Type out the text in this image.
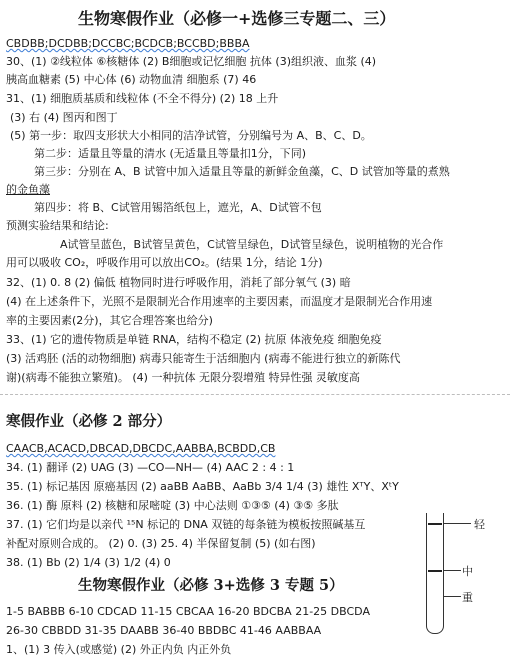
生物寒假作业（必修一+选修三专题二、三）
CBDBB;DCDBB;DCCBC;BCDCB;BCCBD;BBBA
30、(1) ②线粒体 ⑥核糖体 (2) B细胞或记忆细胞 抗体 (3)组织液、血浆 (4)
胰高血糖素 (5) 中心体 (6) 动物血清 细胞系 (7) 46
31、(1) 细胞质基质和线粒体 (不全不得分) (2) 18 上升
(3) 右 (4) 图丙和图丁
(5) 第一步：取四支形状大小相同的洁净试管，分别编号为 A、B、C、D。
第二步：适量且等量的清水 (无适量且等量扣1分，下同)
第三步：分别在 A、B 试管中加入适量且等量的新鲜金鱼藻，C、D 试管加等量的煮熟
的金鱼藻
第四步：将 B、C试管用锡箔纸包上，遮光，A、D试管不包
预测实验结果和结论:
A试管呈蓝色，B试管呈黄色，C试管呈绿色，D试管呈绿色，说明植物的光合作
用可以吸收 CO₂，呼吸作用可以放出CO₂。(结果 1分，结论 1分)
32、(1) 0. 8 (2) 偏低 植物同时进行呼吸作用，消耗了部分氧气 (3) 暗
(4) 在上述条件下，光照不是限制光合作用速率的主要因素，而温度才是限制光合作用速
率的主要因素(2分)，其它合理答案也给分)
33、(1) 它的遗传物质是单链 RNA，结构不稳定 (2) 抗原 体液免疫 细胞免疫
(3) 活鸡胚 (活的动物细胞) 病毒只能寄生于活细胞内 (病毒不能进行独立的新陈代
谢)(病毒不能独立繁殖)。 (4) 一种抗体 无限分裂增殖 特异性强 灵敏度高
寒假作业（必修 2 部分）
CAACB,ACACD,DBCAD,DBCDC,AABBA,BCBDD,CB
34. (1) 翻译 (2) UAG (3) —CO—NH— (4) AAC 2 : 4 : 1
35. (1) 标记基因 原癌基因 (2) aaBB AaBB、AaBb 3/4 1/4 (3) 雄性 XᵀY、XᵗY
36. (1) 酶 原料 (2) 核糖和尿嘧啶 (3) 中心法则 ①③⑤ (4) ③⑤ 多肽
37. (1) 它们均是以亲代 ¹⁵N 标记的 DNA 双链的每条链为模板按照碱基互
补配对原则合成的。 (2) 0. (3) 25. 4) 半保留复制 (5) (如右图)
38. (1) Bb (2) 1/4 (3) 1/2 (4) 0
轻
中
重
生物寒假作业（必修 3+选修 3 专题 5）
1-5 BABBB 6-10 CDCAD 11-15 CBCAA 16-20 BDCBA 21-25 DBCDA
26-30 CBBDD 31-35 DAABB 36-40 BBDBC 41-46 AABBAA
1、(1) 3 传入(或感觉) (2) 外正内负 内正外负
